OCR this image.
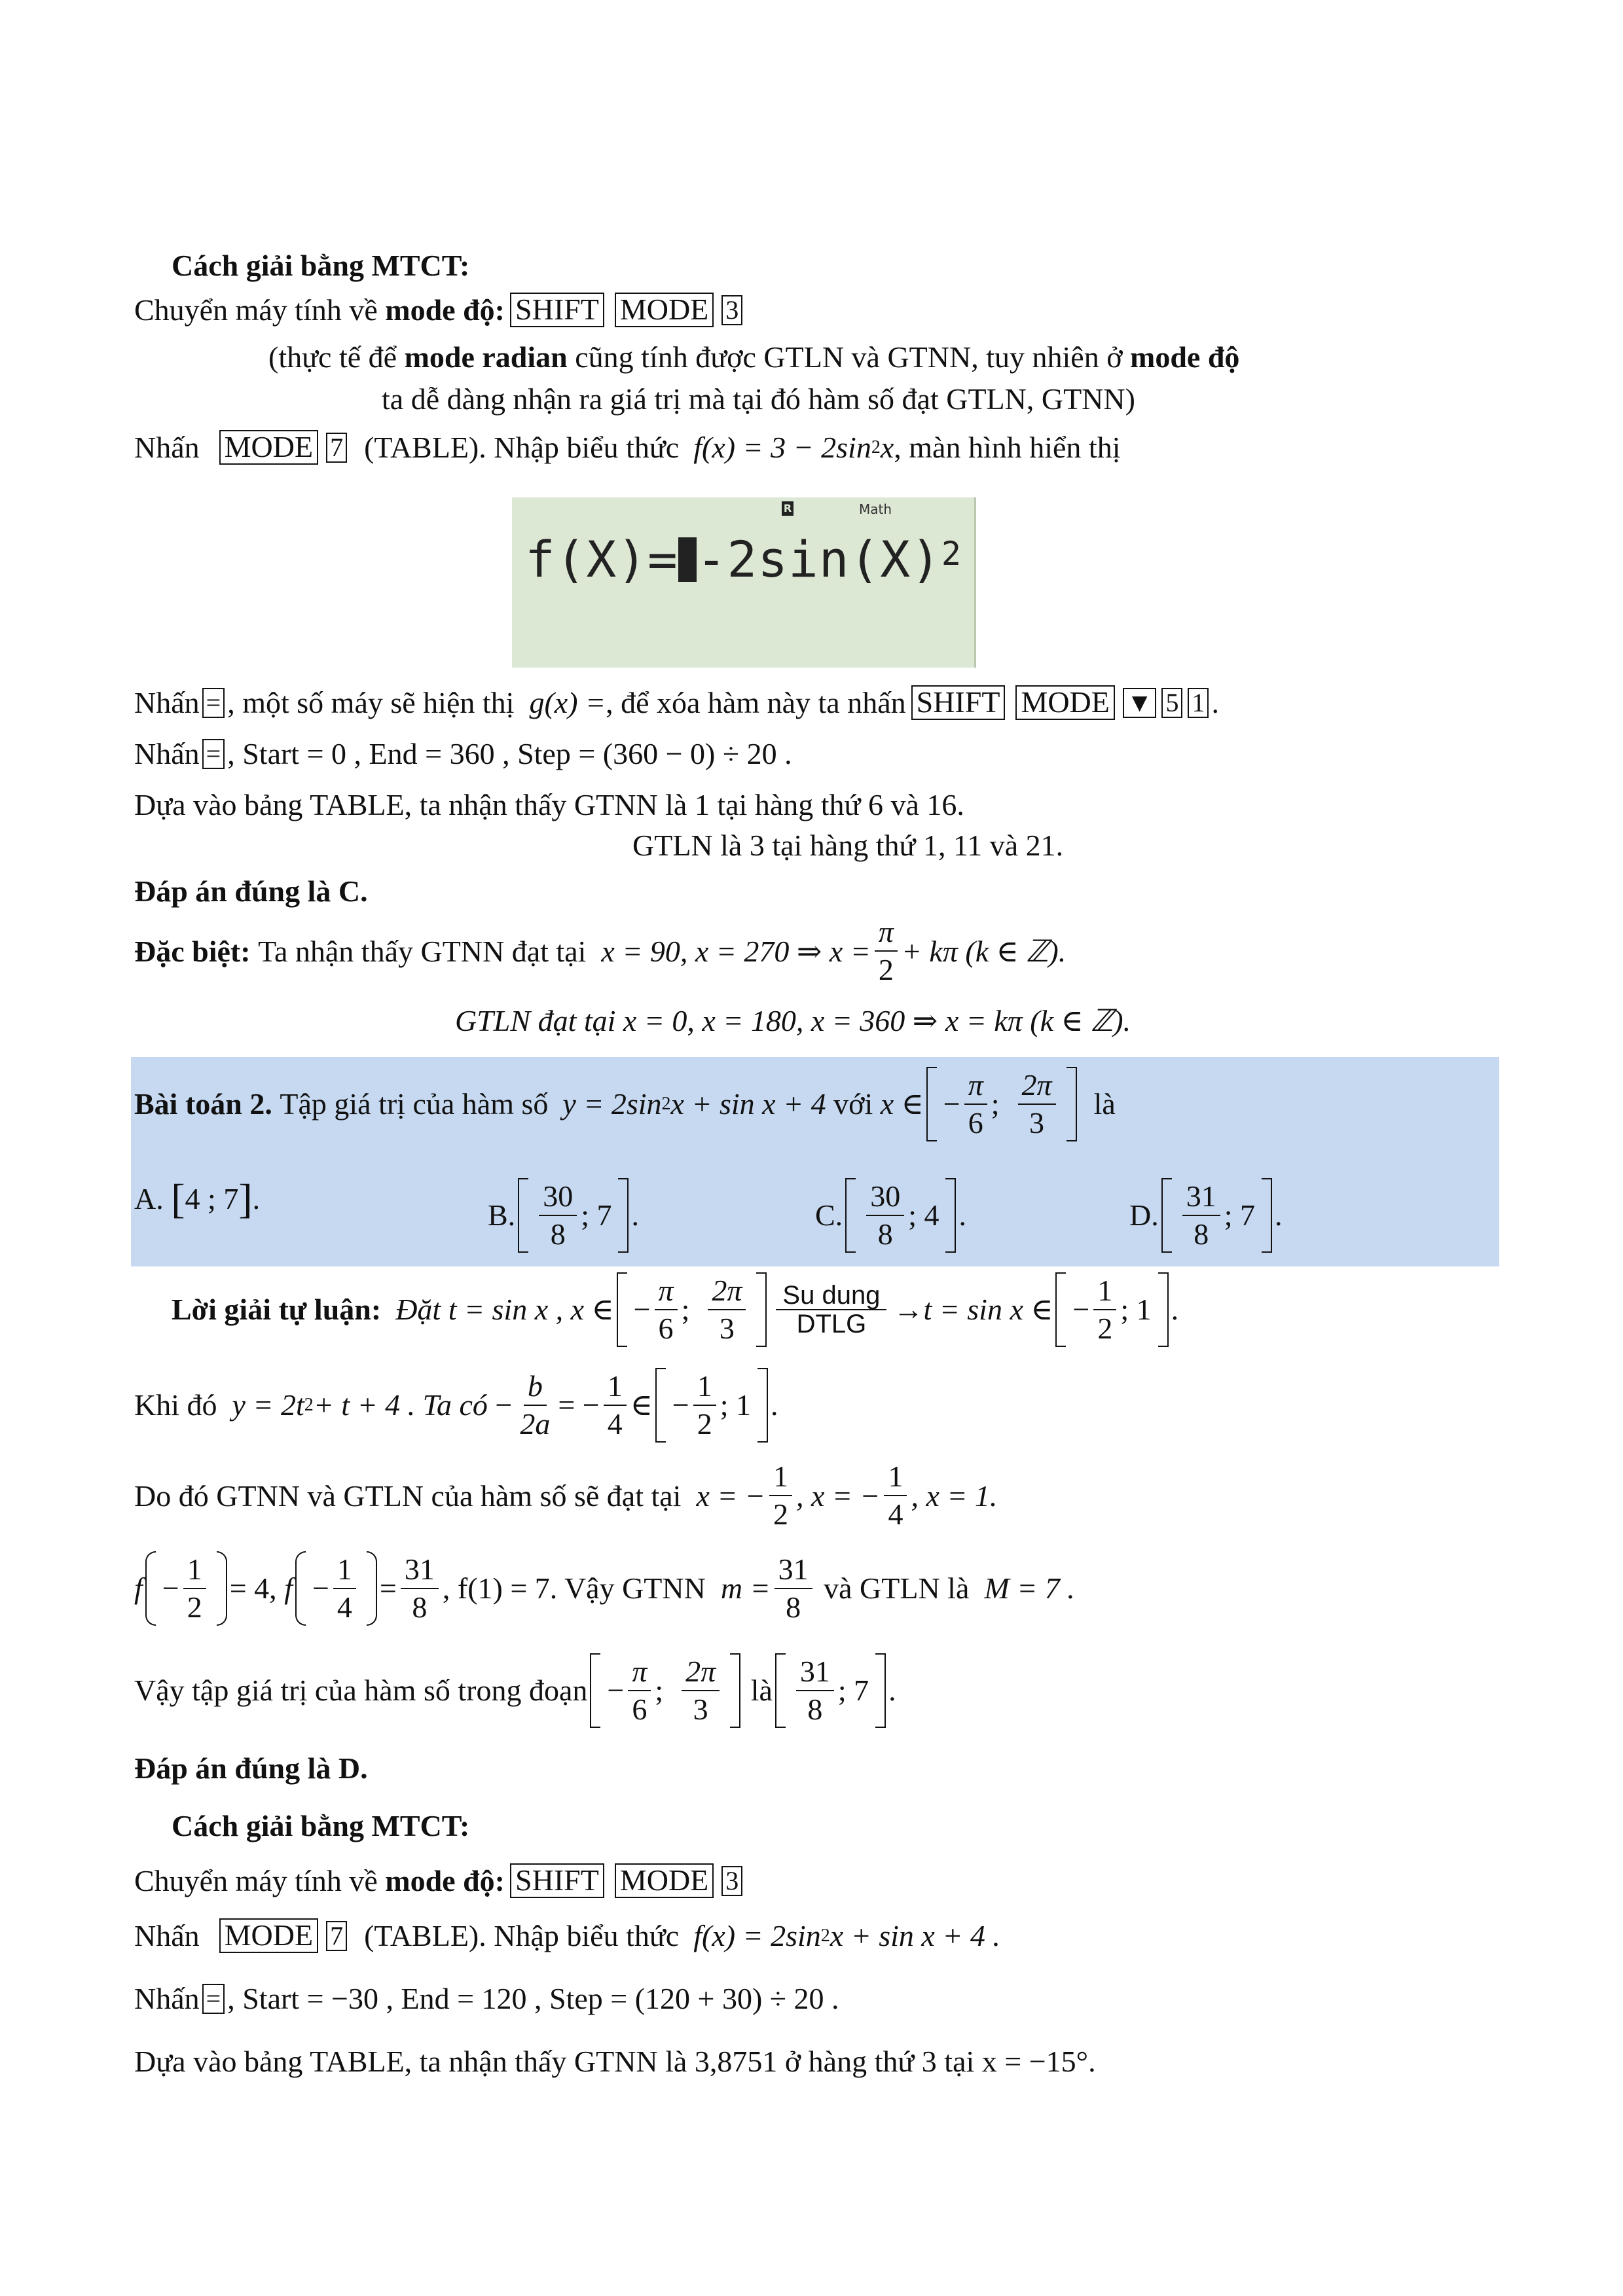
Cách giải bằng MTCT:
Chuyển máy tính về
mode độ: SHIFT MODE 3
(thực tế để
mode radian
cũng tính được GTLN và GTNN, tuy nhiên ở
mode độ
ta dễ dàng nhận ra giá trị mà tại đó hàm số đạt GTLN, GTNN)
Nhấn MODE 7 (TABLE). Nhập biểu thức f(x) = 3 − 2sin 2 x , màn hình hiển thị
R	Math
$f(X)= -2\sin(X)^2$
Nhấn = , một số máy sẽ hiện thị
g(x) = , để xóa hàm này ta nhấn SHIFT MODE ▼ 5 1 .
Nhấn = , Start = 0 , End = 360 , Step = (360 − 0) ÷ 20 .
Dựa vào bảng TABLE, ta nhận thấy GTNN là 1 tại hàng thứ 6 và 16.
GTLN là 3 tại hàng thứ 1, 11 và 21.
Đáp án đúng là C.
Đặc biệt:
Ta nhận thấy GTNN đạt tại
x = 90, x = 270 ⇒ $x = \frac{\pi}{2} + k\pi$ (k ∈ ℤ).
GTLN đạt tại x = 0, x = 180, x = 360 ⇒ x = kπ (k ∈ ℤ).
Bài toán 2.
Tập giá trị của hàm số y = 2sin 2 x + sin x + 4
với
x ∈ − $\frac{\pi}{6}$ ;
2π
3
là
A.
[ 4 ; 7 ] .	B.
30
8
; 7 .	C.
30
8
; 4 .	D.
31
8
; 7 .
Lời giải tự luận: Đặt t = sin x , x ∈ − $\frac{\pi}{6}$ ;
2π
3
Su dung
DTLG → t = sin x ∈ − $\frac{1}{2}$ ;
1 .
Khi đó
y = 2t 2 + t + 4 . Ta có
− $\frac{b}{2a}$ = − $\frac{1}{4}$ ∈ − $\frac{1}{2}$ ;
1 .
Do đó GTNN và GTLN của hàm số sẽ đạt tại
x = − $\frac{1}{2}$ , x = − $\frac{1}{4}$ , x = 1.
$f - \frac{1}{2} = 4$,
$f - \frac{1}{4} = \frac{31}{8}$ , f(1) = 7. Vậy GTNN
$m = \frac{31}{8}$
và GTLN là
M = 7 .
Vậy tập giá trị của hàm số trong đoạn − $\frac{\pi}{6}$ ;
2π
3

là
31
8
; 7 .
Đáp án đúng là D.
Cách giải bằng MTCT:
Chuyển máy tính về
mode độ: SHIFT MODE 3
Nhấn MODE 7 (TABLE). Nhập biểu thức f(x) = 2sin 2 x + sin x + 4 .
Nhấn = , Start = −30 , End = 120 , Step = (120 + 30) ÷ 20 .
Dựa vào bảng TABLE, ta nhận thấy GTNN là 3,8751 ở hàng thứ 3 tại x = −15°.
